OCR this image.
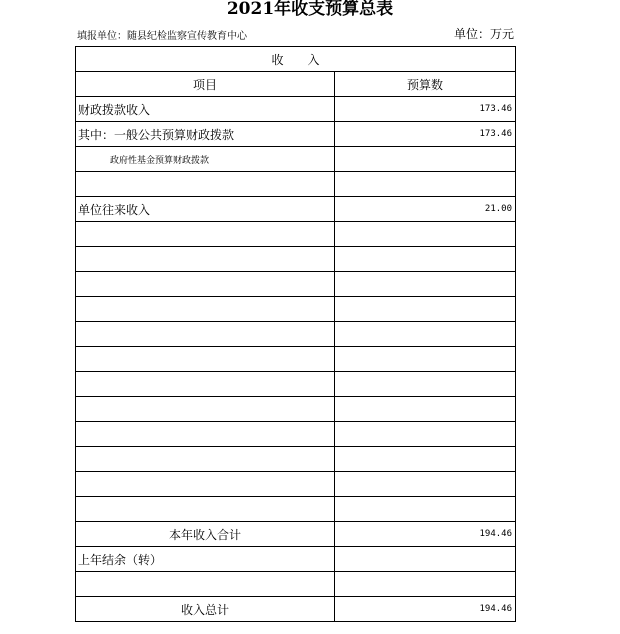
2021年收支预算总表
填报单位：随县纪检监察宣传教育中心	单位：万元
收入	
项目	预算数
财政拨款收入	173.46
其中：一般公共预算财政拨款	173.46
政府性基金预算财政拨款	

单位往来收入	21.00

本年收入合计	194.46
上年结余（转）	

收入总计	194.46
